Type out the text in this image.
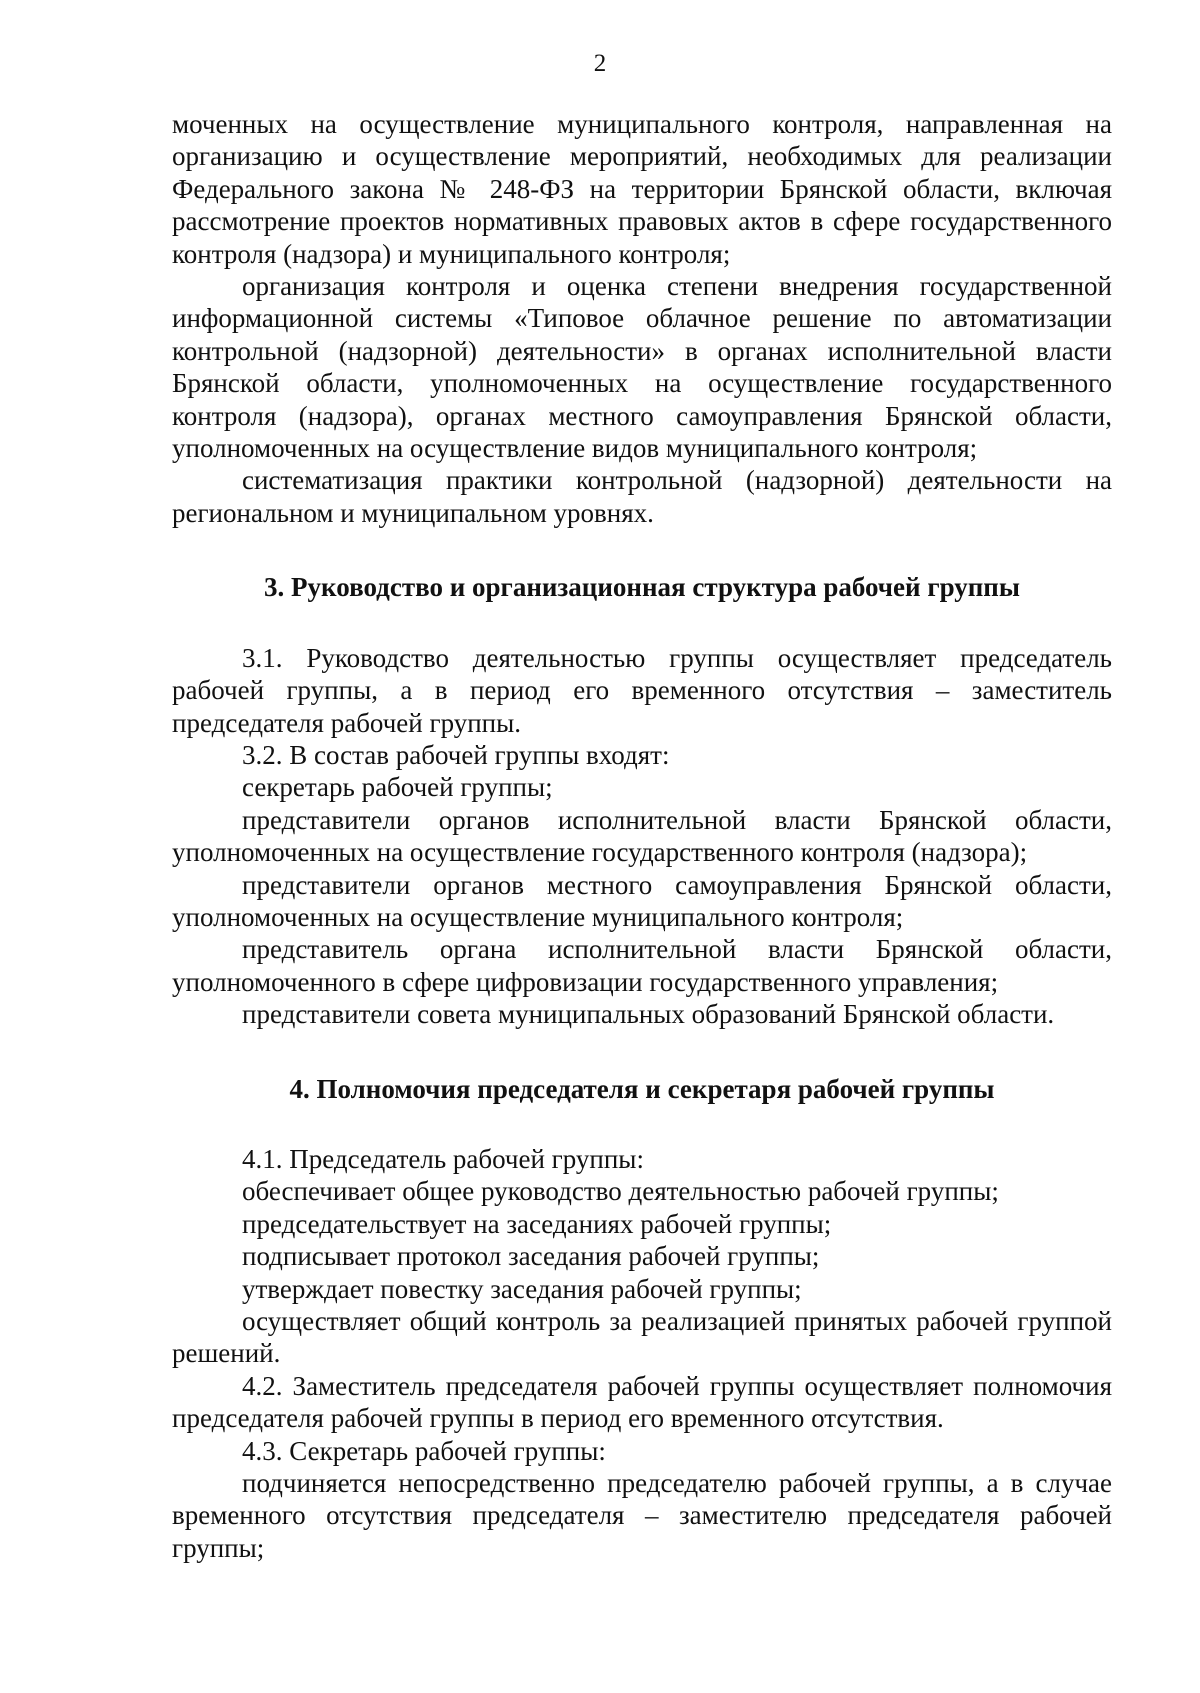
2

моченных на осуществление муниципального контроля, направленная на организацию и осуществление мероприятий, необходимых для реализации Федерального закона № 248-ФЗ на территории Брянской области, включая рассмотрение проектов нормативных правовых актов в сфере государственного контроля (надзора) и муниципального контроля;

организация контроля и оценка степени внедрения государственной информационной системы «Типовое облачное решение по автоматизации контрольной (надзорной) деятельности» в органах исполнительной власти Брянской области, уполномоченных на осуществление государственного контроля (надзора), органах местного самоуправления Брянской области, уполномоченных на осуществление видов муниципального контроля;

систематизация практики контрольной (надзорной) деятельности на региональном и муниципальном уровнях.

3. Руководство и организационная структура рабочей группы

3.1. Руководство деятельностью группы осуществляет председатель рабочей группы, а в период его временного отсутствия – заместитель председателя рабочей группы.

3.2. В состав рабочей группы входят:

секретарь рабочей группы;

представители органов исполнительной власти Брянской области, уполномоченных на осуществление государственного контроля (надзора);

представители органов местного самоуправления Брянской области, уполномоченных на осуществление муниципального контроля;

представитель органа исполнительной власти Брянской области, уполномоченного в сфере цифровизации государственного управления;

представители совета муниципальных образований Брянской области.

4. Полномочия председателя и секретаря рабочей группы

4.1. Председатель рабочей группы:

обеспечивает общее руководство деятельностью рабочей группы;

председательствует на заседаниях рабочей группы;

подписывает протокол заседания рабочей группы;

утверждает повестку заседания рабочей группы;

осуществляет общий контроль за реализацией принятых рабочей группой решений.

4.2. Заместитель председателя рабочей группы осуществляет полномочия председателя рабочей группы в период его временного отсутствия.

4.3. Секретарь рабочей группы:

подчиняется непосредственно председателю рабочей группы, а в случае временного отсутствия председателя – заместителю председателя рабочей группы;
